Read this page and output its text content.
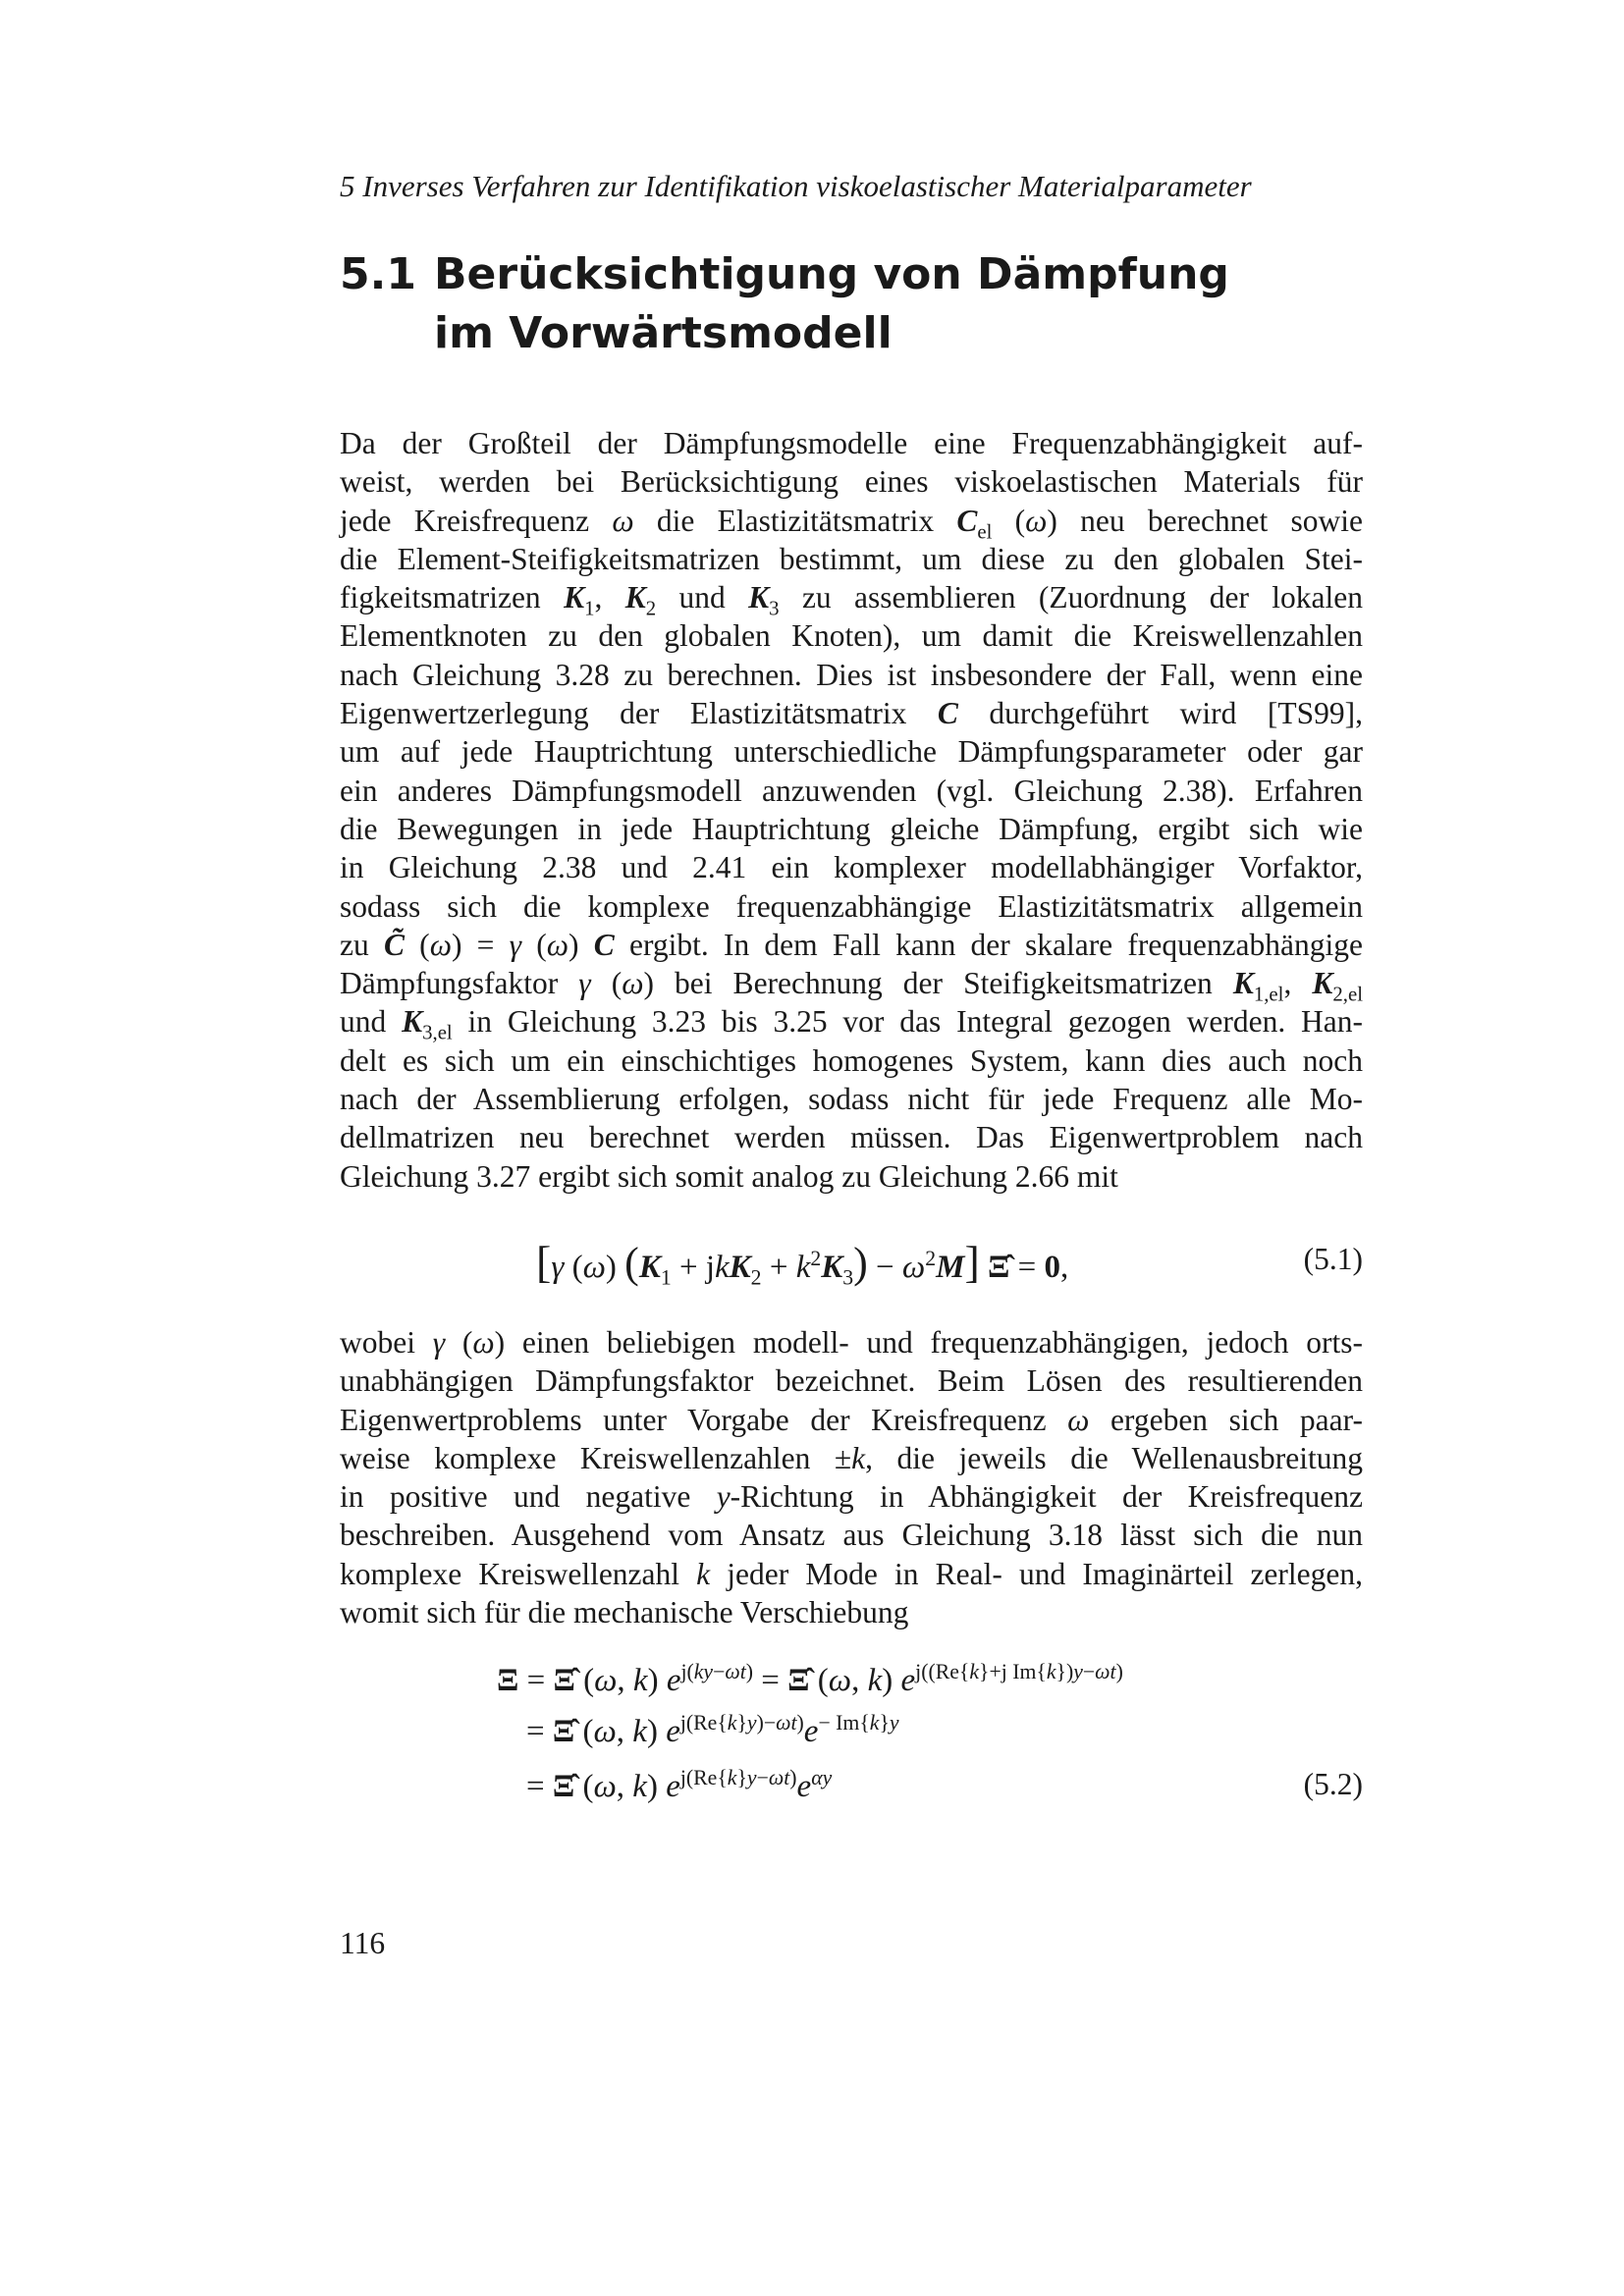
5 Inverses Verfahren zur Identifikation viskoelastischer Materialparameter
5.1 Berücksichtigung von Dämpfung im Vorwärtsmodell
Da der Großteil der Dämpfungsmodelle eine Frequenzabhängigkeit auf-
weist, werden bei Berücksichtigung eines viskoelastischen Materials für
jede Kreisfrequenz ω die Elastizitätsmatrix $C_{el}$ (ω) neu berechnet sowie
die Element-Steifigkeitsmatrizen bestimmt, um diese zu den globalen Stei-
figkeitsmatrizen $K_1$, $K_2$ und $K_3$ zu assemblieren (Zuordnung der lokalen
Elementknoten zu den globalen Knoten), um damit die Kreiswellenzahlen
nach Gleichung 3.28 zu berechnen. Dies ist insbesondere der Fall, wenn eine
Eigenwertzerlegung der Elastizitätsmatrix C durchgeführt wird [TS99],
um auf jede Hauptrichtung unterschiedliche Dämpfungsparameter oder gar
ein anderes Dämpfungsmodell anzuwenden (vgl. Gleichung 2.38). Erfahren
die Bewegungen in jede Hauptrichtung gleiche Dämpfung, ergibt sich wie
in Gleichung 2.38 und 2.41 ein komplexer modellabhängiger Vorfaktor,
sodass sich die komplexe frequenzabhängige Elastizitätsmatrix allgemein
zu C̃ (ω) = γ (ω) C ergibt. In dem Fall kann der skalare frequenzabhängige
Dämpfungsfaktor γ (ω) bei Berechnung der Steifigkeitsmatrizen $K_{1,el}$, $K_{2,el}$
und $K_{3,el}$ in Gleichung 3.23 bis 3.25 vor das Integral gezogen werden. Han-
delt es sich um ein einschichtiges homogenes System, kann dies auch noch
nach der Assemblierung erfolgen, sodass nicht für jede Frequenz alle Mo-
dellmatrizen neu berechnet werden müssen. Das Eigenwertproblem nach
Gleichung 3.27 ergibt sich somit analog zu Gleichung 2.66 mit
[γ (ω) $(K_1 + jkK_2 + k^2K_3) - \omega^2M$] Ξ̂ = 0,	(5.1)
wobei γ (ω) einen beliebigen modell- und frequenzabhängigen, jedoch orts-
unabhängigen Dämpfungsfaktor bezeichnet. Beim Lösen des resultierenden
Eigenwertproblems unter Vorgabe der Kreisfrequenz ω ergeben sich paar-
weise komplexe Kreiswellenzahlen ±k, die jeweils die Wellenausbreitung
in positive und negative y-Richtung in Abhängigkeit der Kreisfrequenz
beschreiben. Ausgehend vom Ansatz aus Gleichung 3.18 lässt sich die nun
komplexe Kreiswellenzahl k jeder Mode in Real- und Imaginärteil zerlegen,
womit sich für die mechanische Verschiebung
Ξ = Ξ̂ (ω, k) $e^{j(ky-\omega t)}$ = Ξ̂ (ω, k) $e^{j((Re\{k\}+j Im\{k\})y-\omega t)}$
= Ξ̂ (ω, k) $e^{j(Re\{k\}y)-\omega t)}e^{- Im\{k\}y}$
= Ξ̂ (ω, k) $e^{j(Re\{k\}y-\omega t)}e^{\alpha y}$	(5.2)
116
